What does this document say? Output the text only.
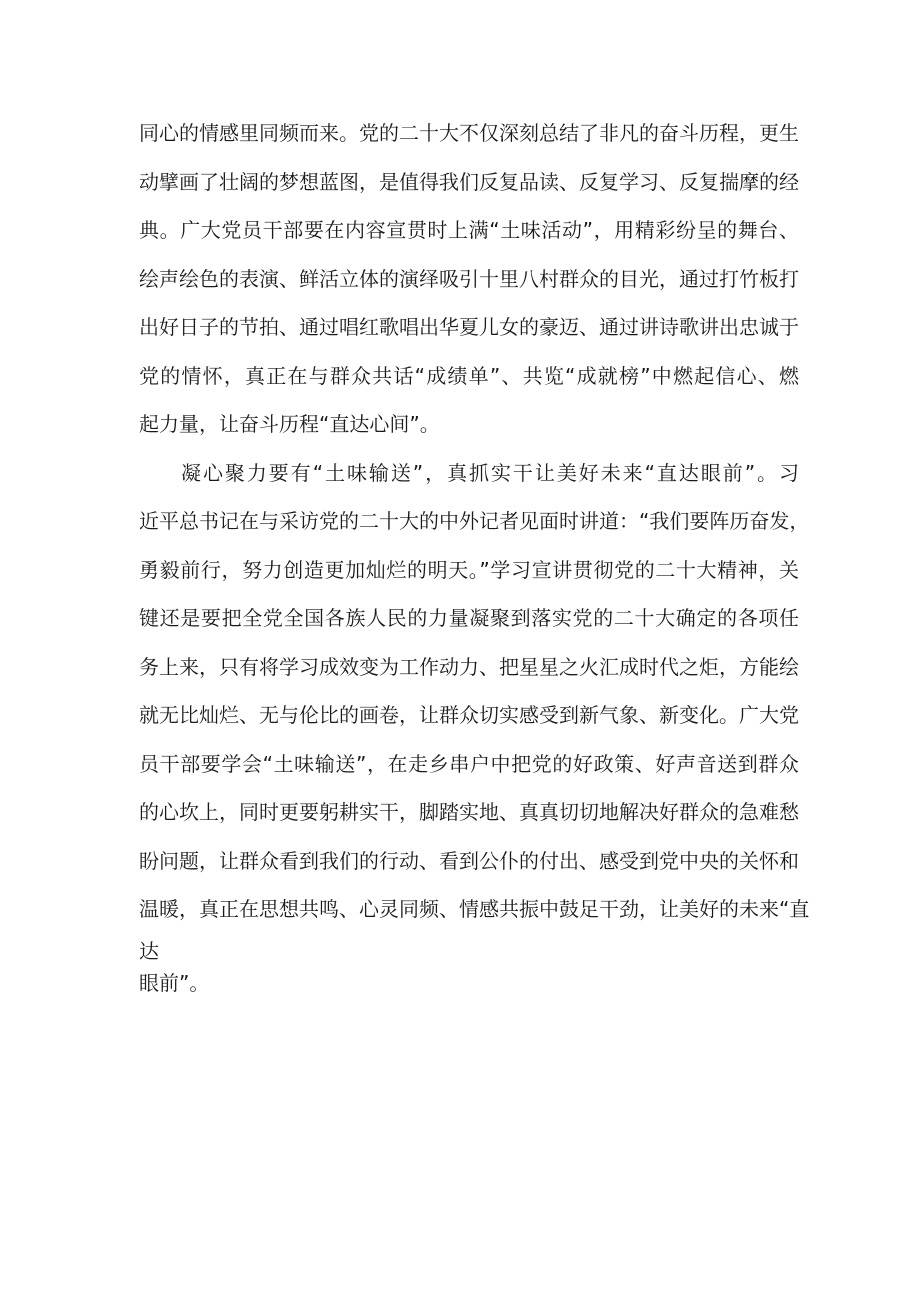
同心的情感里同频而来。党的二十大不仅深刻总结了非凡的奋斗历程，更生
动擘画了壮阔的梦想蓝图，是值得我们反复品读、反复学习、反复揣摩的经
典。广大党员干部要在内容宣贯时上满“土味活动”，用精彩纷呈的舞台、
绘声绘色的表演、鲜活立体的演绎吸引十里八村群众的目光，通过打竹板打
出好日子的节拍、通过唱红歌唱出华夏儿女的豪迈、通过讲诗歌讲出忠诚于
党的情怀，真正在与群众共话“成绩单”、共览“成就榜”中燃起信心、燃
起力量，让奋斗历程“直达心间”。
凝心聚力要有“土味输送”，真抓实干让美好未来“直达眼前”。习
近平总书记在与采访党的二十大的中外记者见面时讲道：“我们要阵历奋发，
勇毅前行，努力创造更加灿烂的明天。”学习宣讲贯彻党的二十大精神，关
键还是要把全党全国各族人民的力量凝聚到落实党的二十大确定的各项任
务上来，只有将学习成效变为工作动力、把星星之火汇成时代之炬，方能绘
就无比灿烂、无与伦比的画卷，让群众切实感受到新气象、新变化。广大党
员干部要学会“土味输送”，在走乡串户中把党的好政策、好声音送到群众
的心坎上，同时更要躬耕实干，脚踏实地、真真切切地解决好群众的急难愁
盼问题，让群众看到我们的行动、看到公仆的付出、感受到党中央的关怀和
温暖，真正在思想共鸣、心灵同频、情感共振中鼓足干劲，让美好的未来“直
达
眼前”。
